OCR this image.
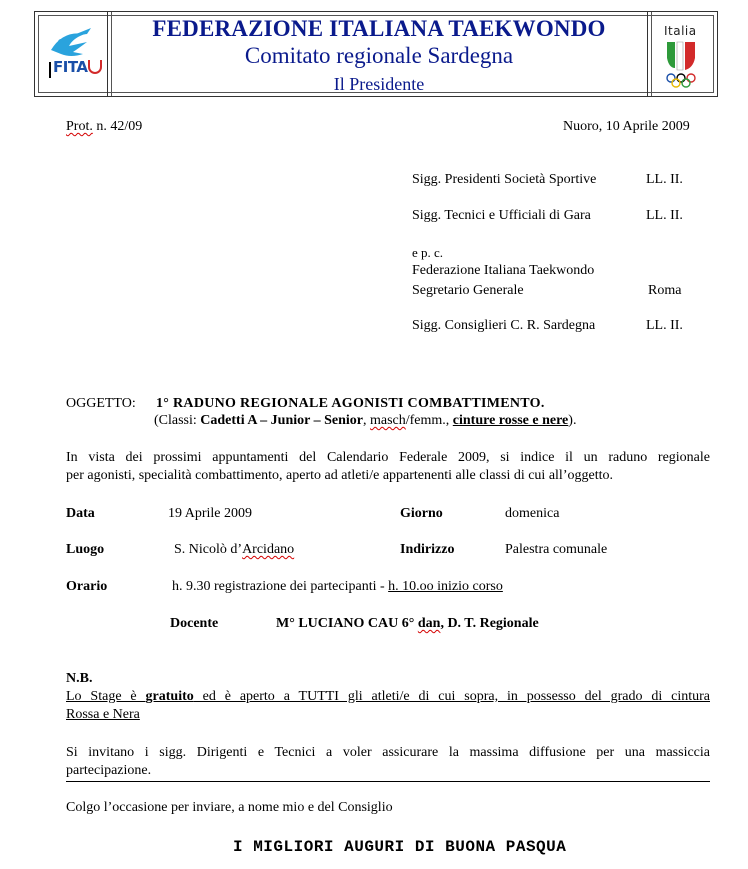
FITA
FEDERAZIONE ITALIANA TAEKWONDO
Comitato regionale Sardegna
Il Presidente
Italia
Prot. n. 42/09	Nuoro, 10 Aprile 2009
Sigg. Presidenti Società Sportive	LL. II.
Sigg. Tecnici e Ufficiali di Gara	LL. II.
e p. c.
Federazione Italiana Taekwondo
Segretario Generale	Roma
Sigg. Consiglieri C. R. Sardegna	LL. II.
OGGETTO: 1° RADUNO REGIONALE AGONISTI COMBATTIMENTO.
(Classi: Cadetti A – Junior – Senior, masch/femm., cinture rosse e nere).
In vista dei prossimi appuntamenti del Calendario Federale 2009, si indice il un raduno regionale
per agonisti, specialità combattimento, aperto ad atleti/e appartenenti alle classi di cui all’oggetto.
Data	19 Aprile 2009	Giorno	domenica
Luogo	S. Nicolò d’Arcidano	Indirizzo	Palestra comunale
Orario	h. 9.30 registrazione dei partecipanti - h. 10.oo inizio corso
Docente	M° LUCIANO CAU 6° dan, D. T. Regionale
N.B.
Lo Stage è gratuito ed è aperto a TUTTI gli atleti/e di cui sopra, in possesso del grado di cintura
Rossa e Nera
Si invitano i sigg. Dirigenti e Tecnici a voler assicurare la massima diffusione per una massiccia
partecipazione.
Colgo l’occasione per inviare, a nome mio e del Consiglio
I MIGLIORI AUGURI DI BUONA PASQUA
